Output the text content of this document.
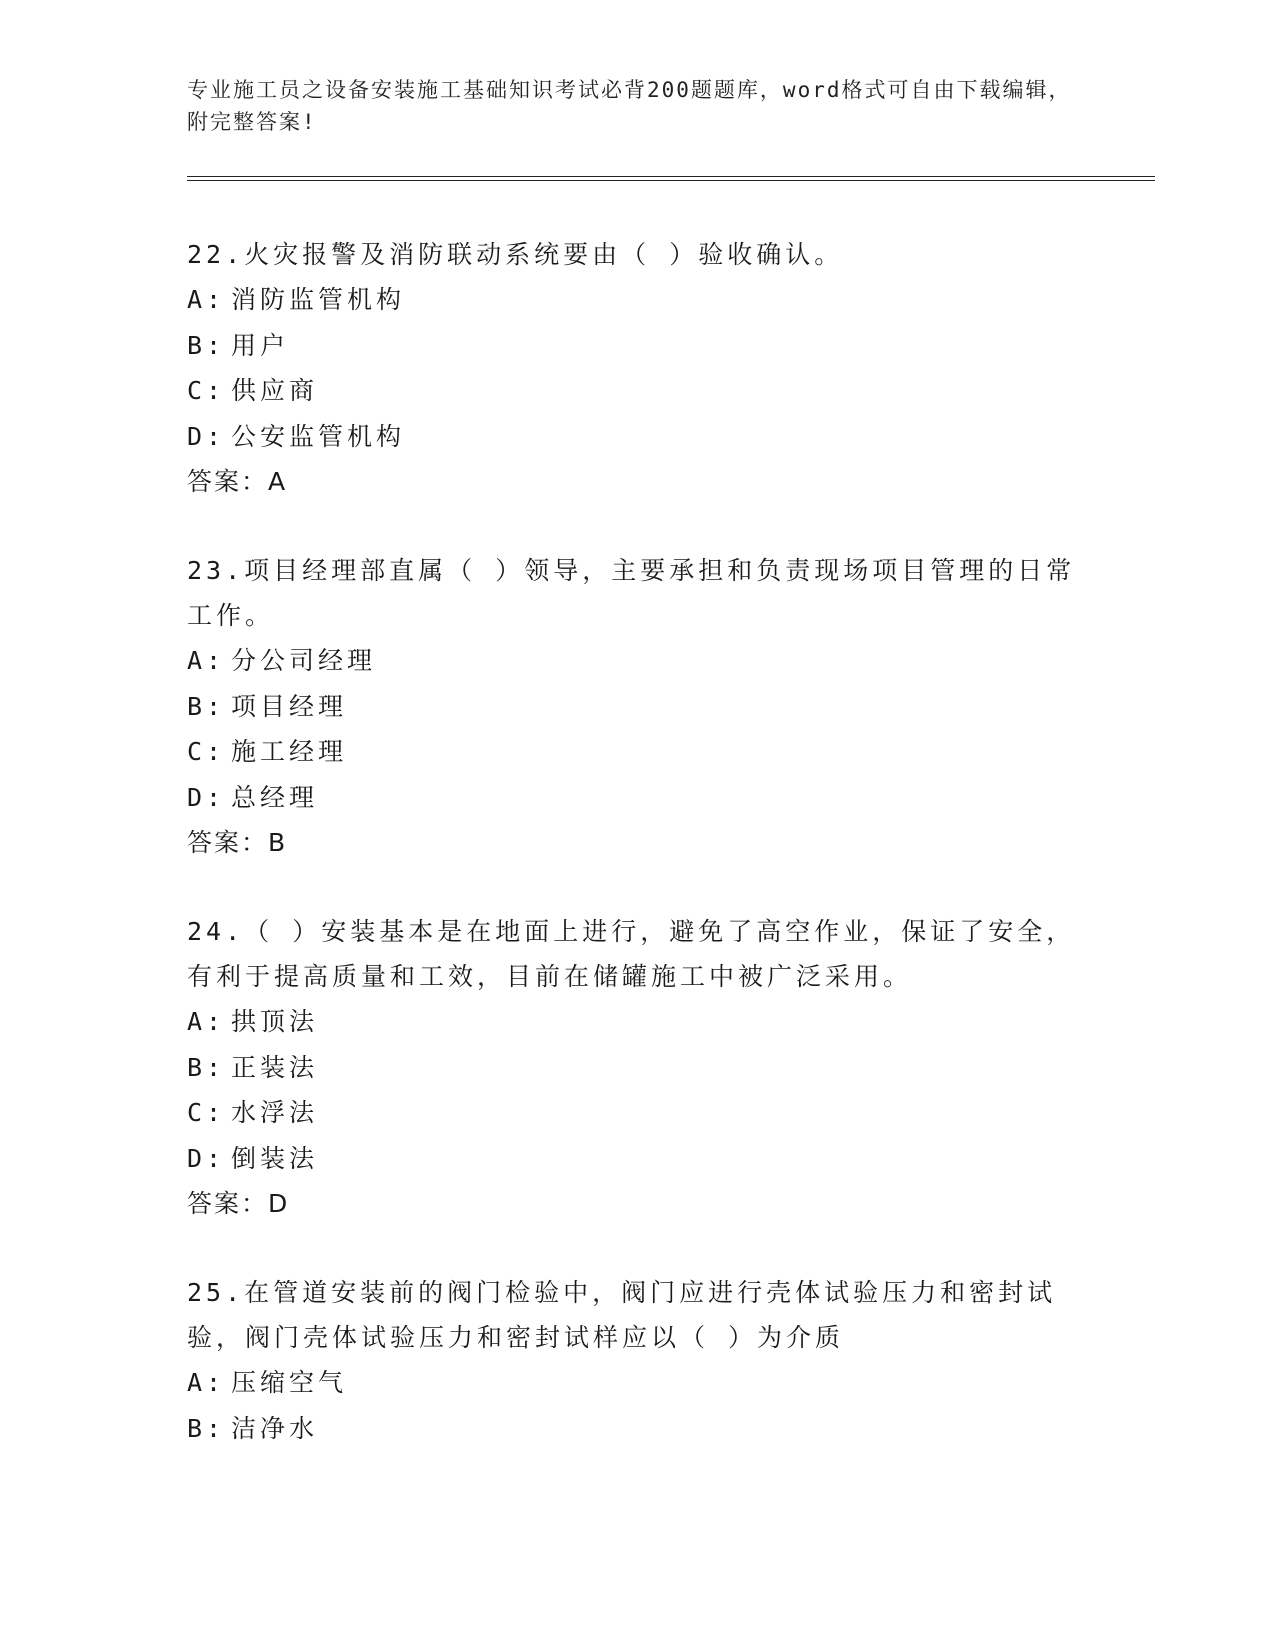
专业施工员之设备安装施工基础知识考试必背200题题库，word格式可自由下载编辑，附完整答案!

22.火灾报警及消防联动系统要由（ ）验收确认。

A: 消防监管机构
B: 用户
C: 供应商
D: 公安监管机构

答案：A

23.项目经理部直属（ ）领导，主要承担和负责现场项目管理的日常工作。

A: 分公司经理
B: 项目经理
C: 施工经理
D: 总经理

答案：B

24.（ ）安装基本是在地面上进行，避免了高空作业，保证了安全，有利于提高质量和工效，目前在储罐施工中被广泛采用。

A: 拱顶法
B: 正装法
C: 水浮法
D: 倒装法

答案：D

25.在管道安装前的阀门检验中，阀门应进行壳体试验压力和密封试验，阀门壳体试验压力和密封试样应以（ ）为介质

A: 压缩空气
B: 洁净水
